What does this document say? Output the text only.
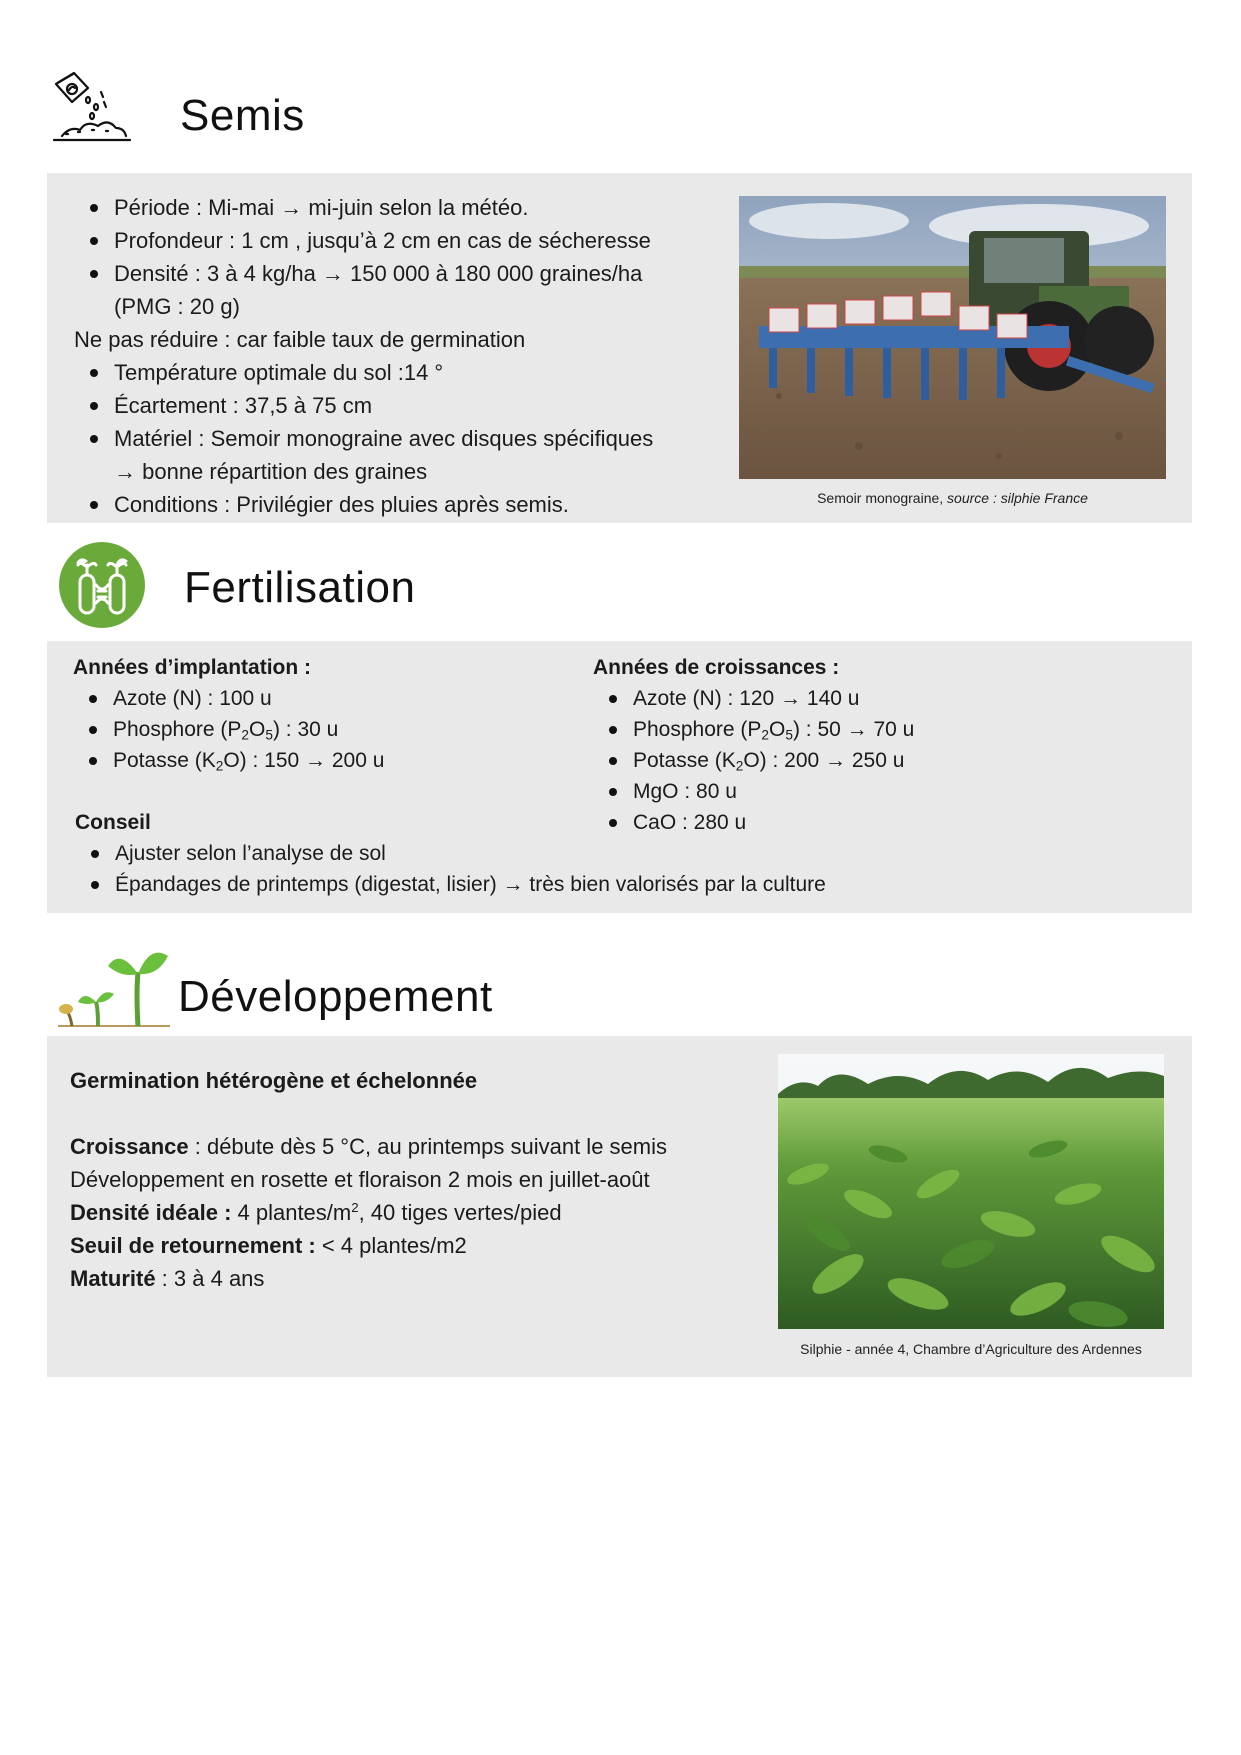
Semis
Période : Mi-mai → mi-juin selon la météo.
Profondeur : 1 cm , jusqu’à 2 cm en cas de sécheresse
Densité : 3 à 4 kg/ha → 150 000 à 180 000 graines/ha
(PMG : 20 g)
Ne pas réduire : car faible taux de germination
Température optimale du sol :14 °
Écartement : 37,5 à 75 cm
Matériel : Semoir monograine avec disques spécifiques
→ bonne répartition des graines
Conditions : Privilégier des pluies après semis.	Semoir monograine, source : silphie France
Fertilisation
Années d’implantation :
Azote (N) : 100 u
Phosphore $(P_2O_5)$ : 30 u
Potasse $(K_2O)$ : 150 → 200 u
Années de croissances :
Azote (N) : 120 → 140 u
Phosphore $(P_2O_5)$ : 50 → 70 u
Potasse $(K_2O)$ : 200 → 250 u
MgO : 80 u
CaO : 280 u
Conseil
Ajuster selon l’analyse de sol
Épandages de printemps (digestat, lisier) → très bien valorisés par la culture
Développement
Germination hétérogène et échelonnée
Croissance : débute dès 5 °C, au printemps suivant le semis
Développement en rosette et floraison 2 mois en juillet-août
Densité idéale : 4 plantes/$m^2$, 40 tiges vertes/pied
Seuil de retournement : < 4 plantes/m2
Maturité : 3 à 4 ans
Silphie - année 4, Chambre d’Agriculture des Ardennes
